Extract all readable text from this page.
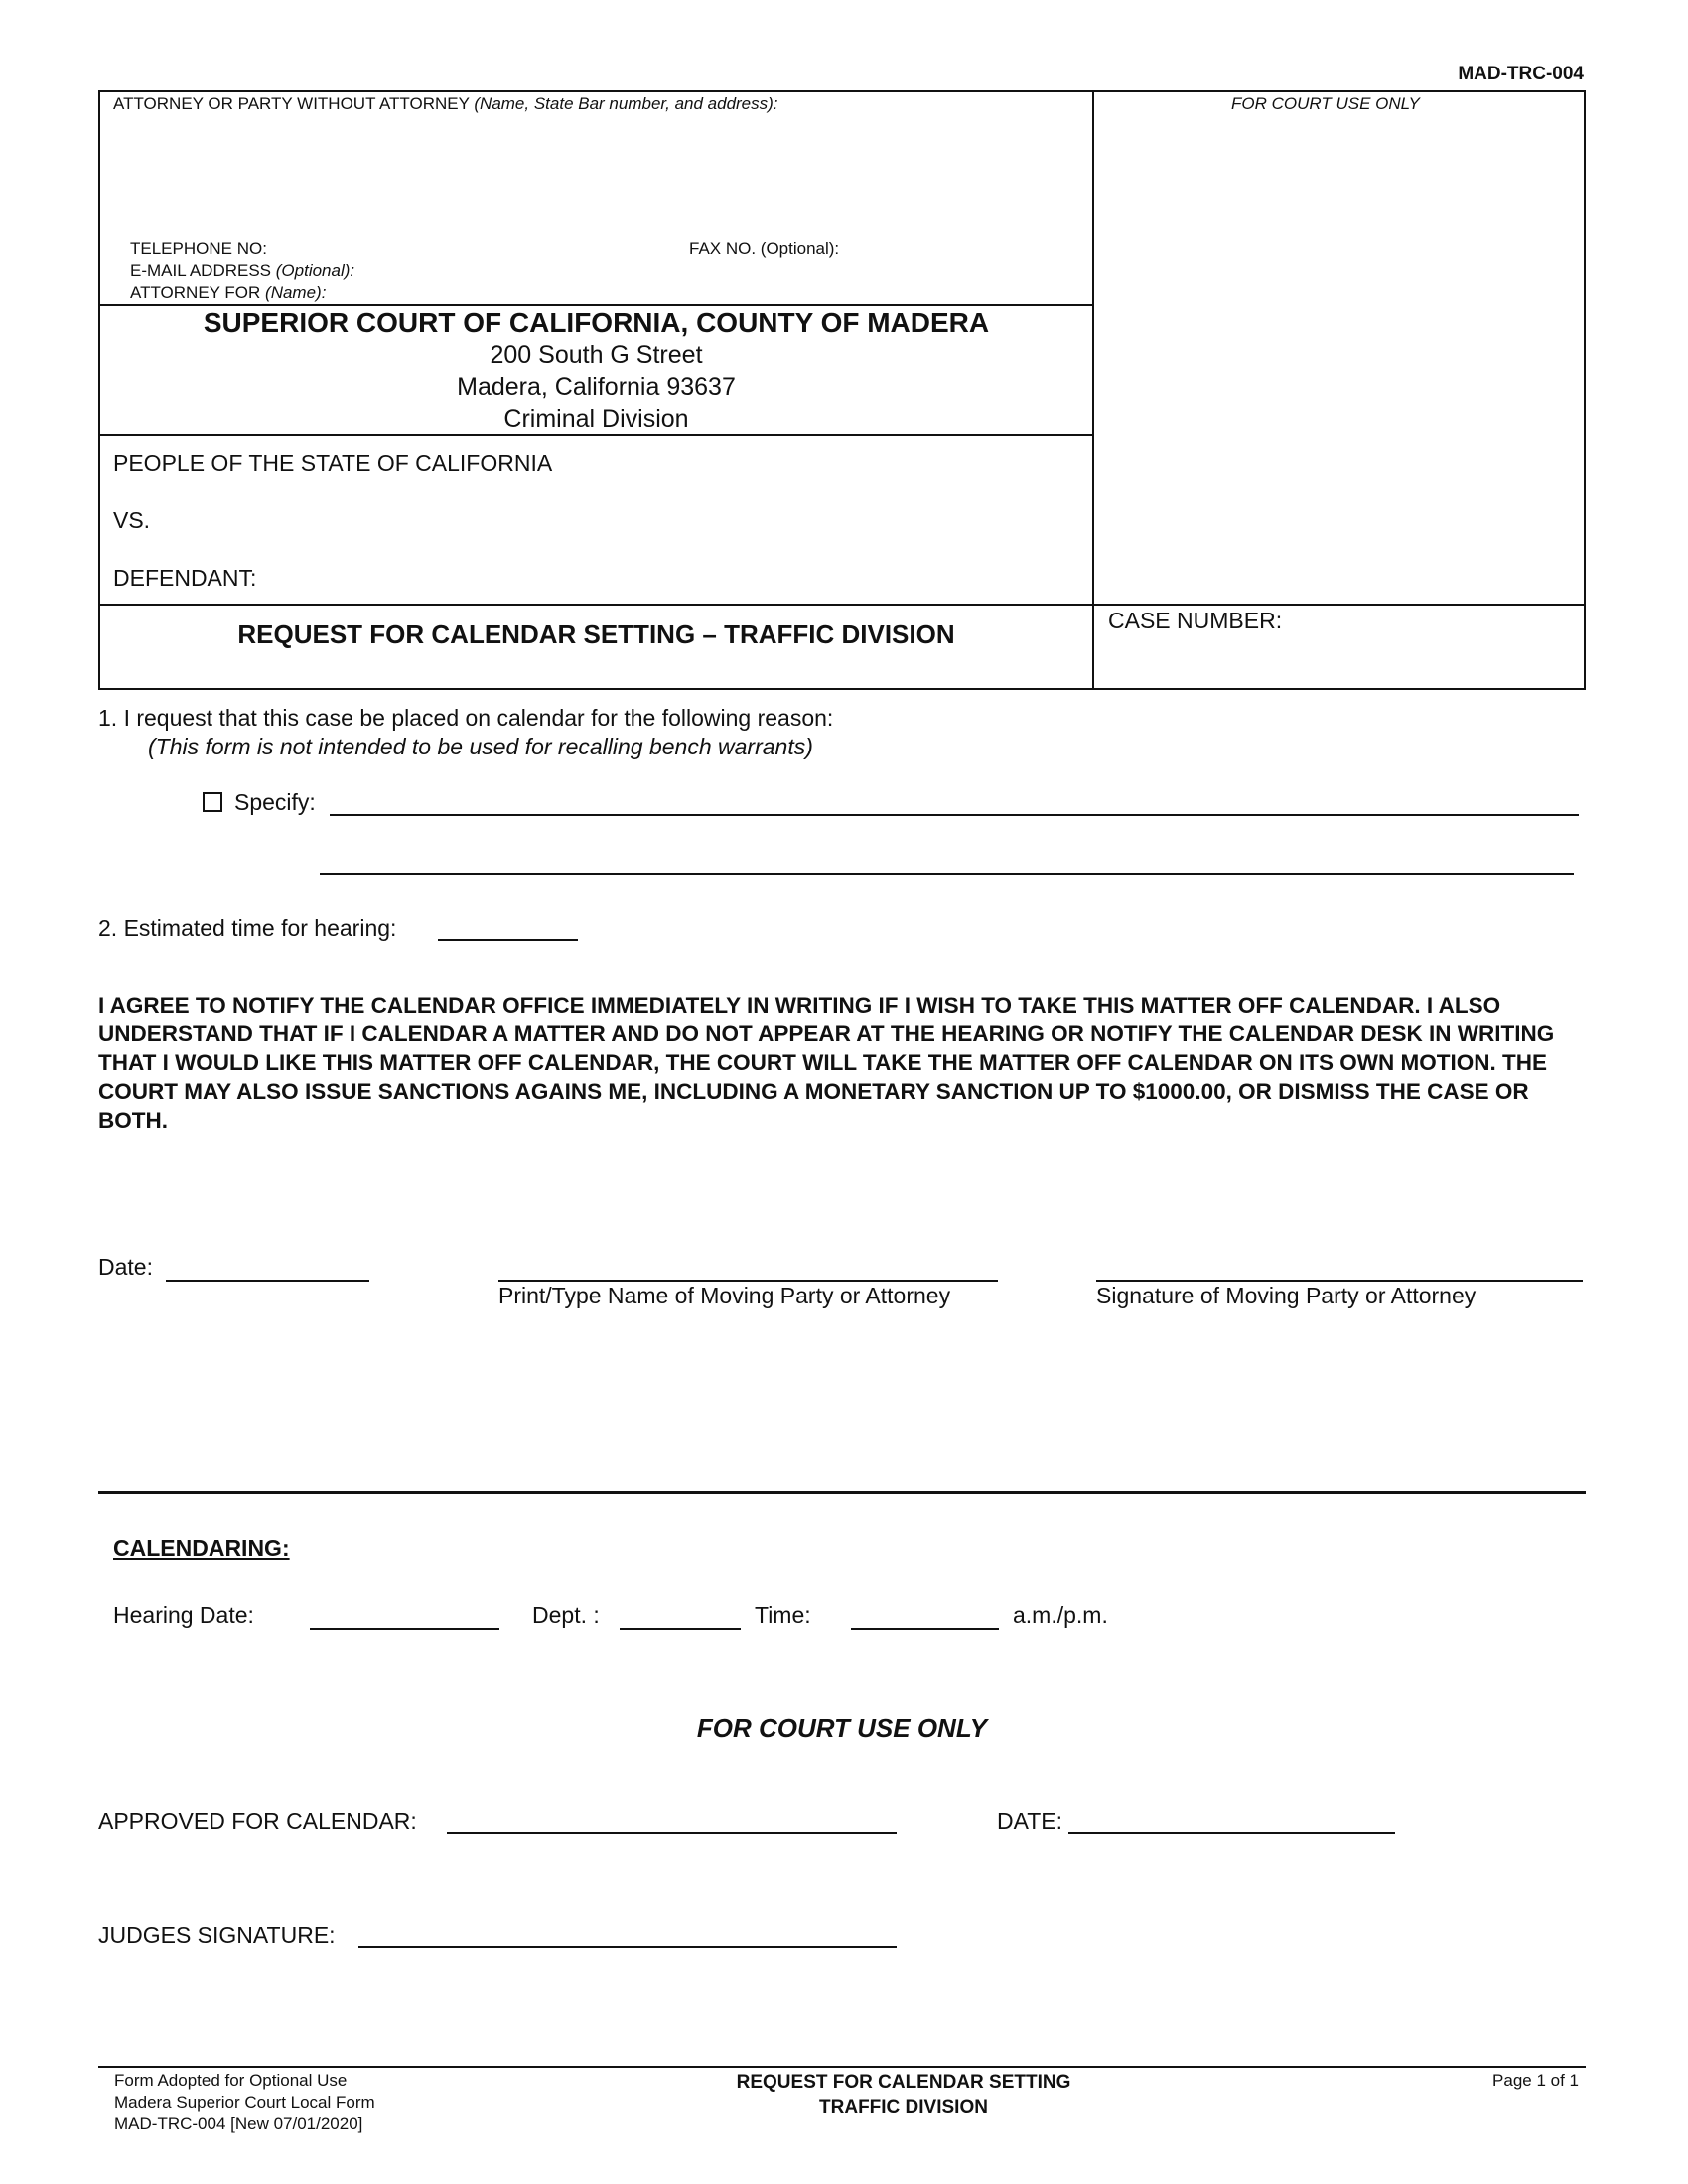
MAD-TRC-004
ATTORNEY OR PARTY WITHOUT ATTORNEY (Name, State Bar number, and address):	FOR COURT USE ONLY
TELEPHONE NO:	FAX NO. (Optional):
E-MAIL ADDRESS (Optional):
ATTORNEY FOR (Name):
SUPERIOR COURT OF CALIFORNIA, COUNTY OF MADERA
200 South G Street
Madera, California 93637
Criminal Division
PEOPLE OF THE STATE OF CALIFORNIA
VS.
DEFENDANT:
REQUEST FOR CALENDAR SETTING – TRAFFIC DIVISION	CASE NUMBER:
1. I request that this case be placed on calendar for the following reason:
(This form is not intended to be used for recalling bench warrants)
Specify:
2. Estimated time for hearing:
I AGREE TO NOTIFY THE CALENDAR OFFICE IMMEDIATELY IN WRITING IF I WISH TO TAKE THIS MATTER OFF CALENDAR. I ALSO UNDERSTAND THAT IF I CALENDAR A MATTER AND DO NOT APPEAR AT THE HEARING OR NOTIFY THE CALENDAR DESK IN WRITING THAT I WOULD LIKE THIS MATTER OFF CALENDAR, THE COURT WILL TAKE THE MATTER OFF CALENDAR ON ITS OWN MOTION. THE COURT MAY ALSO ISSUE SANCTIONS AGAINS ME, INCLUDING A MONETARY SANCTION UP TO $1000.00, OR DISMISS THE CASE OR BOTH.
Date:
Print/Type Name of Moving Party or Attorney	Signature of Moving Party or Attorney
CALENDARING:
Hearing Date:	Dept. :	Time:	a.m./p.m.
FOR COURT USE ONLY
APPROVED FOR CALENDAR:	DATE:
JUDGES SIGNATURE:
Form Adopted for Optional Use
Madera Superior Court Local Form
MAD-TRC-004 [New 07/01/2020]
REQUEST FOR CALENDAR SETTING
TRAFFIC DIVISION
Page 1 of 1
